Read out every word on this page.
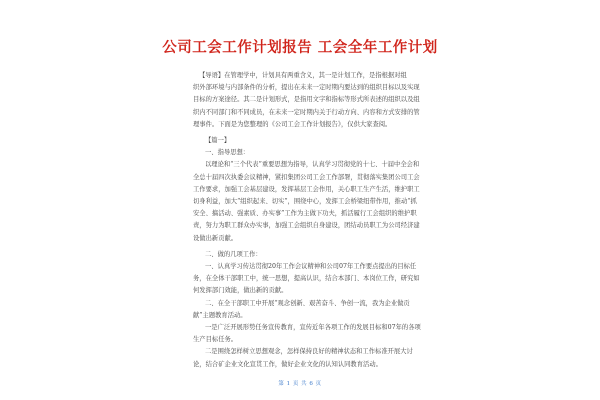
公司工会工作计划报告 工会全年工作计划

【导语】在管理学中，计划具有两重含义，其一是计划工作，是指根据对组

织外部环境与内部条件的分析，提出在未来一定时期内要达到的组织目标以及实现目标的方案途径。其二是计划形式，是指用文字和指标等形式所表述的组织以及组织内不同部门和不同成员，在未来一定时期内关于行动方向、内容和方式安排的管理事件。下面是为您整理的《公司工会工作计划报告》，仅供大家查阅。

【篇一】

一、指导思想：

以理论和“三个代表”重要思想为指导，认真学习贯彻党的十七、十届中全会和全总十届四次执委会议精神，紧扣集团公司工会工作部署，贯彻落实集团公司工会工作要求，加强工会基层建设，发挥基层工会作用，关心职工生产生活，维护职工切身利益，加大“组织起来、切实”，围绕中心，发挥工会桥梁纽带作用，推动“抓安全、搞活动、强素质、办实事”工作为主做下功夫，抓活履行工会组织的维护职责，努力为职工群众办实事，加强工会组织自身建设，团结动员职工为公司经济建设做出新贡献。

二、做的几项工作：

一、认真学习传达贯彻20年工作会议精神和公司07年工作要点提出的目标任务，在全体干部职工中，统一思想，提高认识，结合本部门、本岗位工作，研究如何发挥部门效能，做出新的贡献。

二、在全干部职工中开展“观念创新、艰苦奋斗、争创一流，我为企业做贡献”主题教育活动。

一是广泛开展形势任务宣传教育，宣传近年各项工作的发展目标和07年的各项生产目标任务。

二是围绕怎样树立思想观念，怎样保持良好的精神状态和工作标准开展大讨论，结合矿企业文化宣贯工作，做好企业文化的认知认同教育活动。

第 1 页 共 6 页
